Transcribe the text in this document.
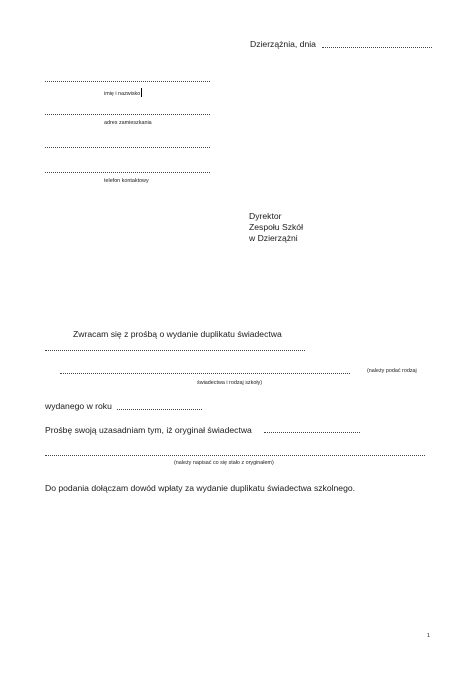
Dzierzążnia, dnia
imię i nazwisko
adres zamieszkania
telefon kontaktowy
Dyrektor
Zespołu Szkół
w Dzierzążni
Zwracam się z prośbą o wydanie duplikatu świadectwa
(należy podać rodzaj
świadectwa i rodzaj szkoły)
wydanego w roku
Prośbę swoją uzasadniam tym, iż oryginał świadectwa
(należy napisać co się stało z oryginałem)
Do podania dołączam dowód wpłaty za wydanie duplikatu świadectwa szkolnego.
1
